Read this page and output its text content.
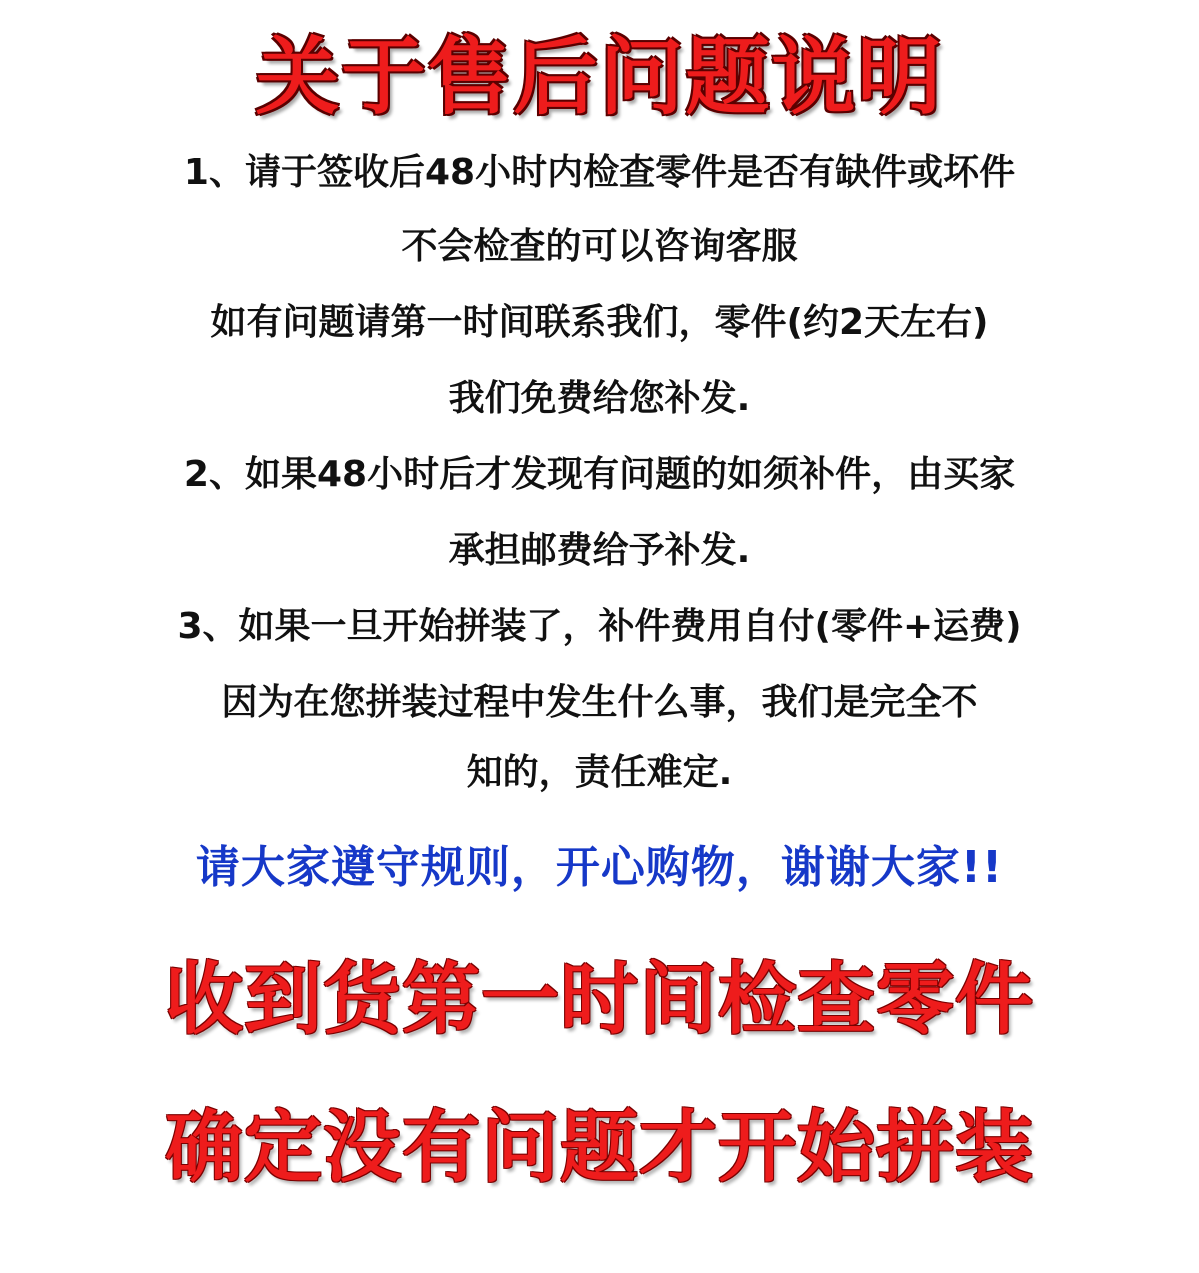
关于售后问题说明

1、请于签收后48小时内检查零件是否有缺件或坏件

不会检查的可以咨询客服

如有问题请第一时间联系我们，零件(约2天左右)

我们免费给您补发.

2、如果48小时后才发现有问题的如须补件，由买家

承担邮费给予补发.

3、如果一旦开始拼装了，补件费用自付(零件+运费)

因为在您拼装过程中发生什么事，我们是完全不

知的，责任难定.

请大家遵守规则，开心购物，谢谢大家!!

收到货第一时间检查零件

确定没有问题才开始拼装
